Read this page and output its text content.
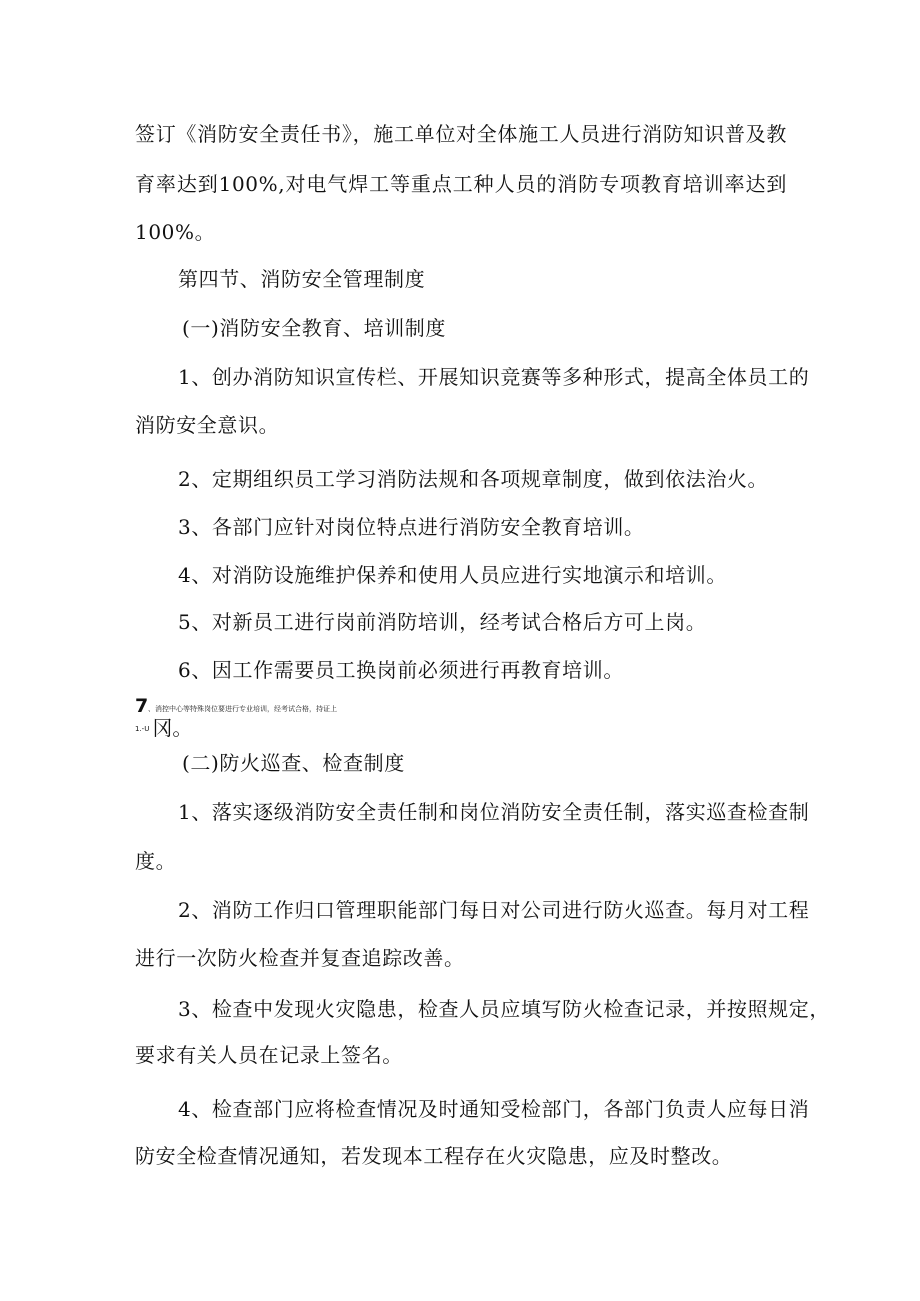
签订《消防安全责任书》，施工单位对全体施工人员进行消防知识普及教
育率达到100%,对电气焊工等重点工种人员的消防专项教育培训率达到
100%。
第四节、消防安全管理制度
(一)消防安全教育、培训制度
1、创办消防知识宣传栏、开展知识竞赛等多种形式，提高全体员工的
消防安全意识。
2、定期组织员工学习消防法规和各项规章制度，做到依法治火。
3、各部门应针对岗位特点进行消防安全教育培训。
4、对消防设施维护保养和使用人员应进行实地演示和培训。
5、对新员工进行岗前消防培训，经考试合格后方可上岗。
6、因工作需要员工换岗前必须进行再教育培训。
7 、消控中心等特殊岗位要进行专业培训，经考试合格，持证上
$^{1.-U}$ 冈。
(二)防火巡查、检查制度
1、落实逐级消防安全责任制和岗位消防安全责任制，落实巡查检查制
度。
2、消防工作归口管理职能部门每日对公司进行防火巡查。每月对工程
进行一次防火检查并复查追踪改善。
3、检查中发现火灾隐患，检查人员应填写防火检查记录，并按照规定，
要求有关人员在记录上签名。
4、检查部门应将检查情况及时通知受检部门，各部门负责人应每日消
防安全检查情况通知，若发现本工程存在火灾隐患，应及时整改。
